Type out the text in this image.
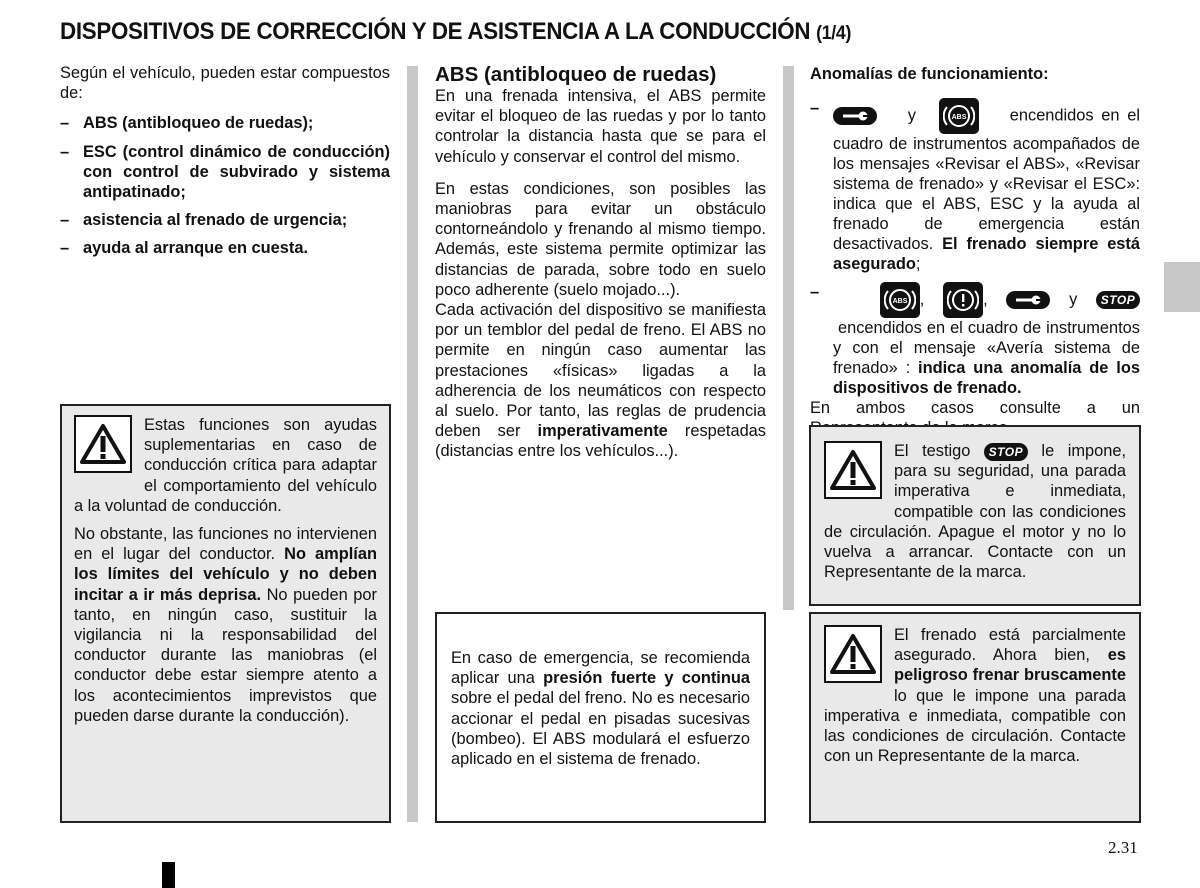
DISPOSITIVOS DE CORRECCIÓN Y DE ASISTENCIA A LA CONDUCCIÓN (1/4)

Según el vehículo, pueden estar compuestos de:

– ABS (antibloqueo de ruedas);
– ESC (control dinámico de conducción) con control de subvirado y sistema antipatinado;
– asistencia al frenado de urgencia;
– ayuda al arranque en cuesta.

Estas funciones son ayudas suplementarias en caso de conducción crítica para adaptar el comportamiento del vehículo a la voluntad de conducción.

No obstante, las funciones no intervienen en el lugar del conductor. No amplían los límites del vehículo y no deben incitar a ir más deprisa. No pueden por tanto, en ningún caso, sustituir la vigilancia ni la responsabilidad del conductor durante las maniobras (el conductor debe estar siempre atento a los acontecimientos imprevistos que pueden darse durante la conducción).

ABS (antibloqueo de ruedas)

En una frenada intensiva, el ABS permite evitar el bloqueo de las ruedas y por lo tanto controlar la distancia hasta que se para el vehículo y conservar el control del mismo.

En estas condiciones, son posibles las maniobras para evitar un obstáculo contorneándolo y frenando al mismo tiempo. Además, este sistema permite optimizar las distancias de parada, sobre todo en suelo poco adherente (suelo mojado...).

Cada activación del dispositivo se manifiesta por un temblor del pedal de freno. El ABS no permite en ningún caso aumentar las prestaciones «físicas» ligadas a la adherencia de los neumáticos con respecto al suelo. Por tanto, las reglas de prudencia deben ser imperativamente respetadas (distancias entre los vehículos...).

En caso de emergencia, se recomienda aplicar una presión fuerte y continua sobre el pedal del freno. No es necesario accionar el pedal en pisadas sucesivas (bombeo). El ABS modulará el esfuerzo aplicado en el sistema de frenado.
Anomalías de funcionamiento:
–	y	ABS	encendidos en el cuadro de instrumentos acompañados de los mensajes «Revisar el ABS», «Revisar sistema de frenado» y «Revisar el ESC»: indica que el ABS, ESC y la ayuda al frenado de emergencia están desactivados. El frenado siempre está asegurado;
–

ABS ,	,	y STOP  encendidos en el cuadro de instrumentos y con el mensaje «Avería sistema de frenado» : indica una anomalía de los dispositivos de frenado.

En ambos casos consulte a un

El testigo STOP le impone, para su seguridad, una parada imperativa e inmediata, compatible con las condiciones de circulación. Apague el motor y no lo vuelva a arrancar. Contacte con un Representante de la marca.
El frenado está parcialmente asegurado. Ahora bien, es peligroso frenar bruscamente lo que le impone una parada imperativa e inmediata, compatible con las condiciones de circulación. Contacte con un Representante de la marca.
2.31
